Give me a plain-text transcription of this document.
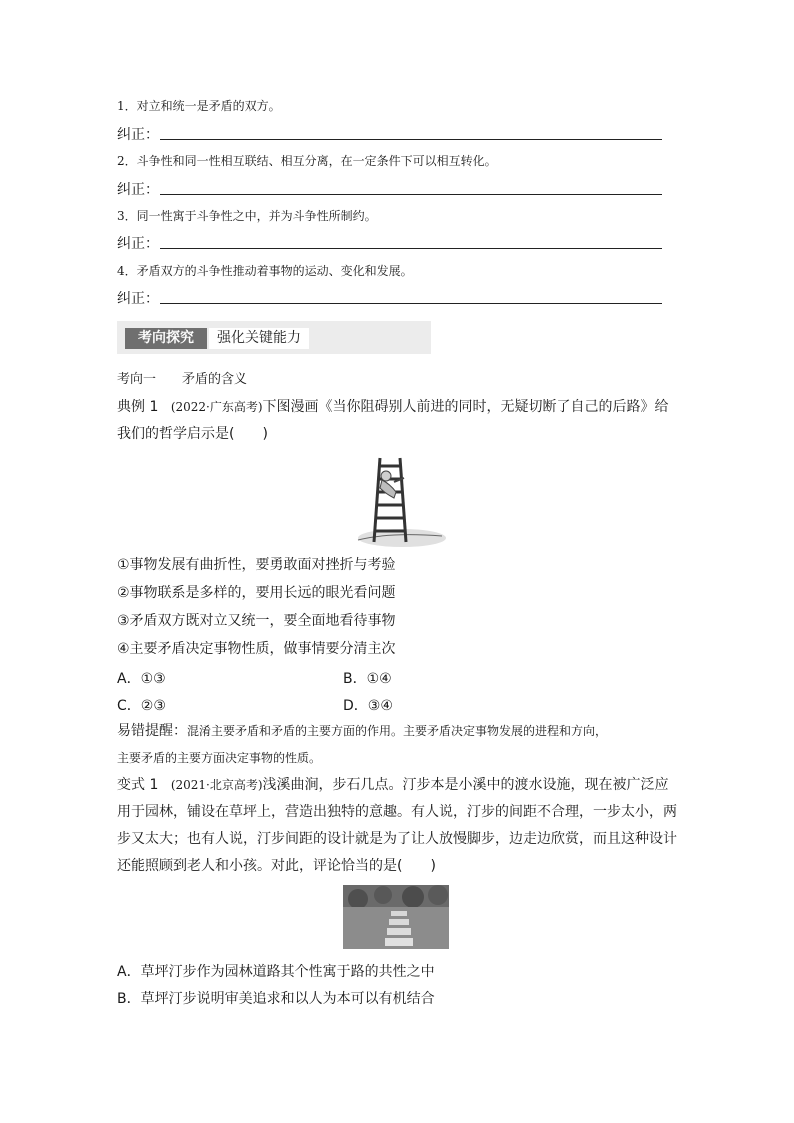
1．对立和统一是矛盾的双方。
纠正：
2．斗争性和同一性相互联结、相互分离，在一定条件下可以相互转化。
纠正：
3．同一性寓于斗争性之中，并为斗争性所制约。
纠正：
4．矛盾双方的斗争性推动着事物的运动、变化和发展。
纠正：
考向探究	强化关键能力
考向一　　矛盾的含义
典例 1 (2022·广东高考)下图漫画《当你阻碍别人前进的同时，无疑切断了自己的后路》给
我们的哲学启示是(　　)
①事物发展有曲折性，要勇敢面对挫折与考验
②事物联系是多样的，要用长远的眼光看问题
③矛盾双方既对立又统一，要全面地看待事物
④主要矛盾决定事物性质，做事情要分清主次
A．①③	B．①④
C．②③	D．③④
易错提醒：混淆主要矛盾和矛盾的主要方面的作用。主要矛盾决定事物发展的进程和方向，
主要矛盾的主要方面决定事物的性质。
变式 1 (2021·北京高考)浅溪曲涧，步石几点。汀步本是小溪中的渡水设施，现在被广泛应
用于园林，铺设在草坪上，营造出独特的意趣。有人说，汀步的间距不合理，一步太小，两
步又太大；也有人说，汀步间距的设计就是为了让人放慢脚步，边走边欣赏，而且这种设计
还能照顾到老人和小孩。对此，评论恰当的是(　　)
A．草坪汀步作为园林道路其个性寓于路的共性之中
B．草坪汀步说明审美追求和以人为本可以有机结合
